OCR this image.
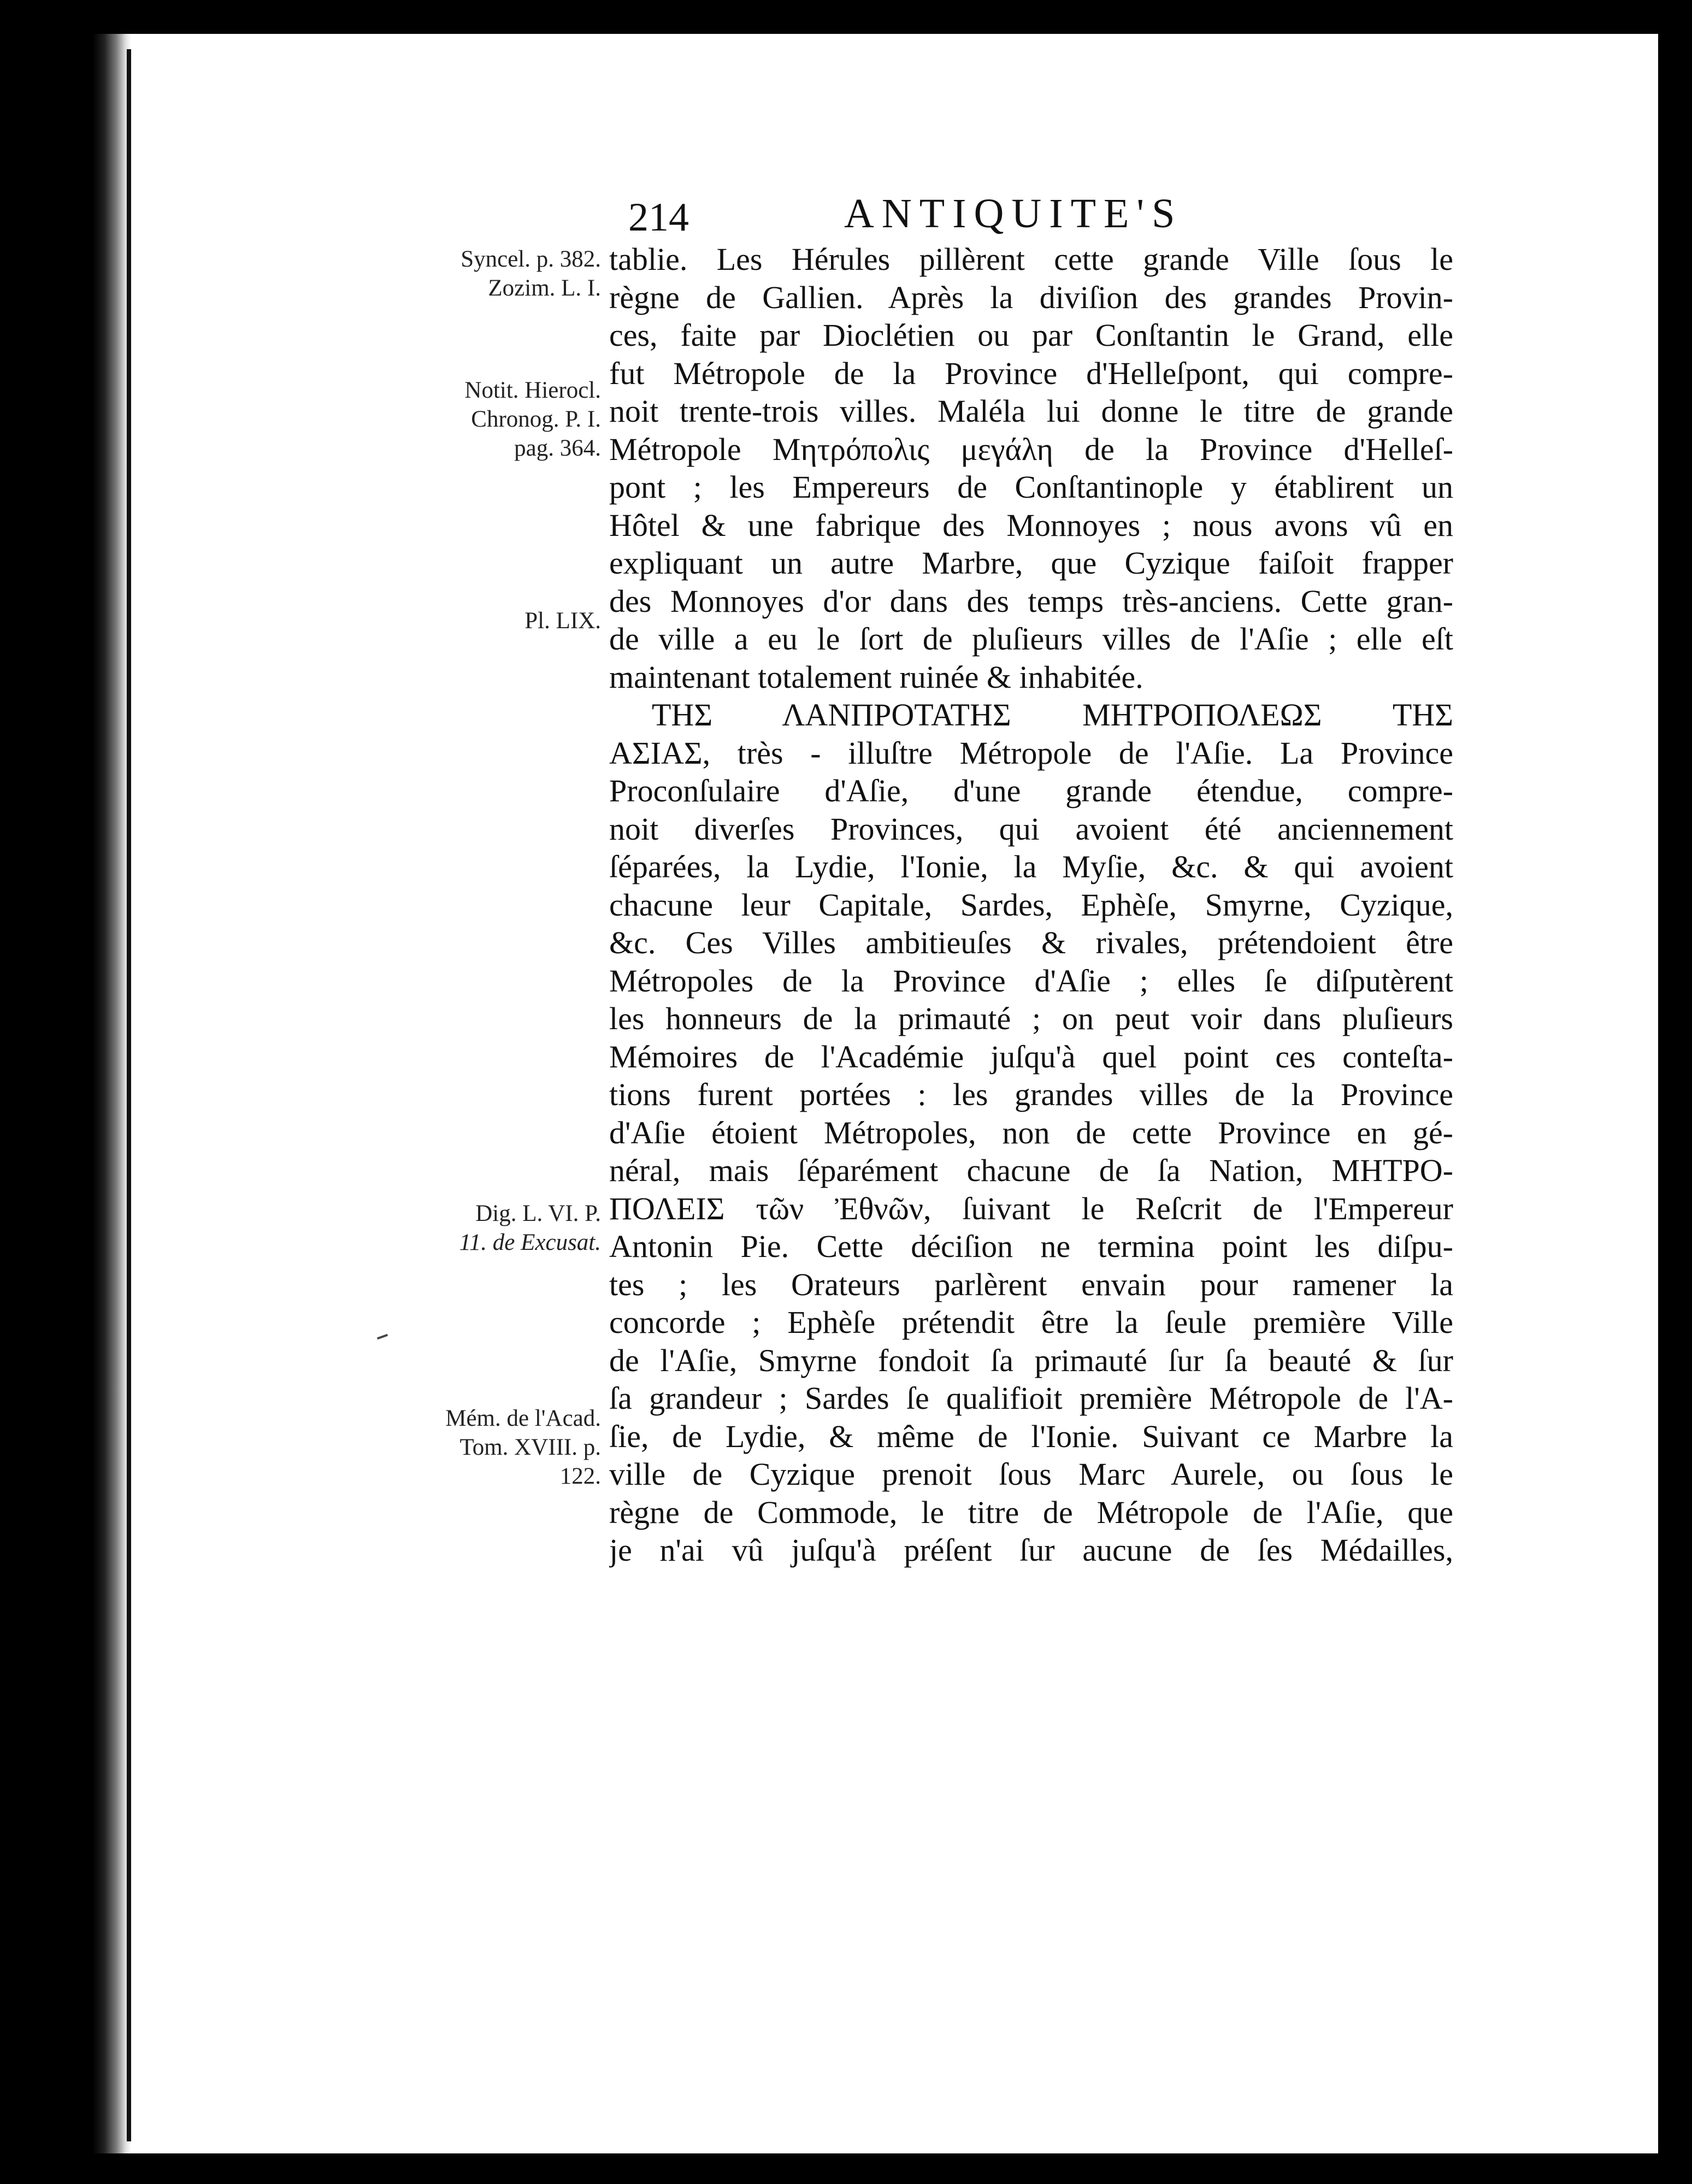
214	ANTIQUITE'S
Syncel. p. 382.
Zozim. L. I.
Notit. Hierocl.
Chronog. P. I.
pag. 364.
Pl. LIX.
Dig. L. VI. P.
11. de Excusat.
Mém. de l'Acad.
Tom. XVIII. p.
122.
tablie. Les Hérules pillèrent cette grande Ville ſous le
règne de Gallien. Après la diviſion des grandes Provin-
ces, faite par Dioclétien ou par Conſtantin le Grand, elle
fut Métropole de la Province d'Helleſpont, qui compre-
noit trente-trois villes. Maléla lui donne le titre de grande
Métropole Μητρόπολις μεγάλη de la Province d'Helleſ-
pont ; les Empereurs de Conſtantinople y établirent un
Hôtel & une fabrique des Monnoyes ; nous avons vû en
expliquant un autre Marbre, que Cyzique faiſoit frapper
des Monnoyes d'or dans des temps très-anciens. Cette gran-
de ville a eu le ſort de pluſieurs villes de l'Aſie ; elle eſt
maintenant totalement ruinée & inhabitée.
ΤΗΣ ΛΑΝΠΡΟΤΑΤΗΣ ΜΗΤΡΟΠΟΛΕΩΣ ΤΗΣ
ΑΣΙΑΣ, très - illuſtre Métropole de l'Aſie. La Province
Proconſulaire d'Aſie, d'une grande étendue, compre-
noit diverſes Provinces, qui avoient été anciennement
ſéparées, la Lydie, l'Ionie, la Myſie, &c. & qui avoient
chacune leur Capitale, Sardes, Ephèſe, Smyrne, Cyzique,
&c. Ces Villes ambitieuſes & rivales, prétendoient être
Métropoles de la Province d'Aſie ; elles ſe diſputèrent
les honneurs de la primauté ; on peut voir dans pluſieurs
Mémoires de l'Académie juſqu'à quel point ces conteſta-
tions furent portées : les grandes villes de la Province
d'Aſie étoient Métropoles, non de cette Province en gé-
néral, mais ſéparément chacune de ſa Nation, ΜΗΤΡΟ-
ΠΟΛΕΙΣ τῶν Ἐθνῶν, ſuivant le Reſcrit de l'Empereur
Antonin Pie. Cette déciſion ne termina point les diſpu-
tes ; les Orateurs parlèrent envain pour ramener la
concorde ; Ephèſe prétendit être la ſeule première Ville
de l'Aſie, Smyrne fondoit ſa primauté ſur ſa beauté & ſur
ſa grandeur ; Sardes ſe qualifioit première Métropole de l'A-
ſie, de Lydie, & même de l'Ionie. Suivant ce Marbre la
ville de Cyzique prenoit ſous Marc Aurele, ou ſous le
règne de Commode, le titre de Métropole de l'Aſie, que
je n'ai vû juſqu'à préſent ſur aucune de ſes Médailles,
